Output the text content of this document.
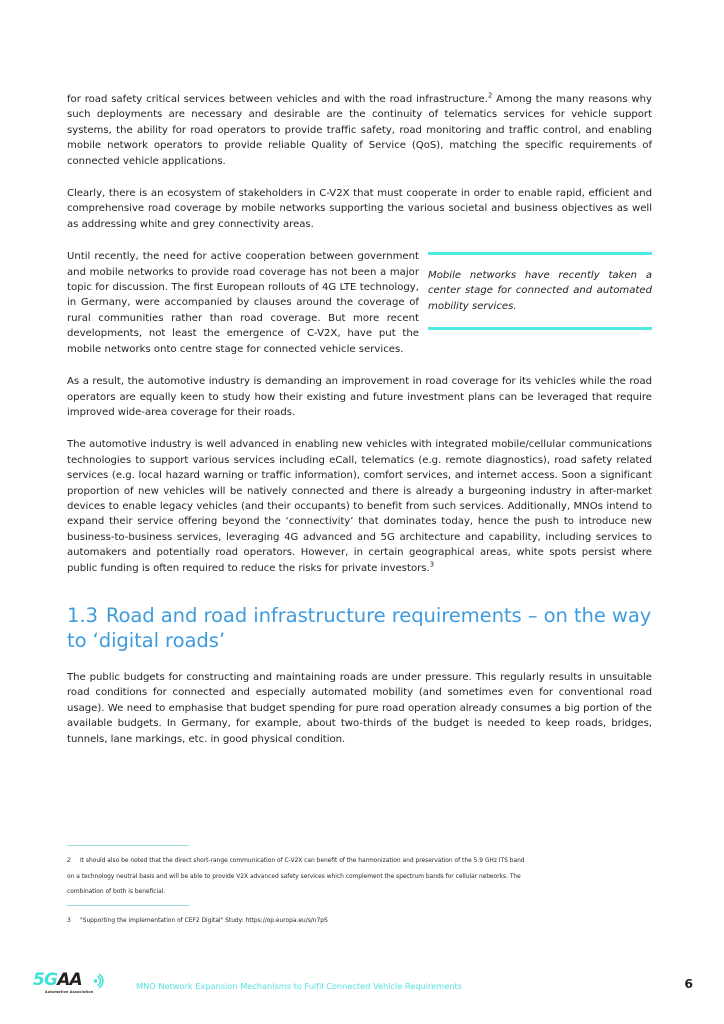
for road safety critical services between vehicles and with the road infrastructure.$^2$ Among the many reasons why such deployments are necessary and desirable are the continuity of telematics services for vehicle support systems, the ability for road operators to provide traffic safety, road monitoring and traffic control, and enabling mobile network operators to provide reliable Quality of Service (QoS), matching the specific requirements of connected vehicle applications.

Clearly, there is an ecosystem of stakeholders in C-V2X that must cooperate in order to enable rapid, efficient and comprehensive road coverage by mobile networks supporting the various societal and business objectives as well as addressing white and grey connectivity areas.

Until recently, the need for active cooperation between government and mobile networks to provide road coverage has not been a major topic for discussion. The first European rollouts of 4G LTE technology, in Germany, were accompanied by clauses around the coverage of rural communities rather than road coverage. But more recent developments, not least the emergence of C-V2X, have put the mobile networks onto centre stage for connected vehicle services.

Mobile networks have recently taken a center stage for connected and automated mobility services.

As a result, the automotive industry is demanding an improvement in road coverage for its vehicles while the road operators are equally keen to study how their existing and future investment plans can be leveraged that require improved wide-area coverage for their roads.

The automotive industry is well advanced in enabling new vehicles with integrated mobile/cellular communications technologies to support various services including eCall, telematics (e.g. remote diagnostics), road safety related services (e.g. local hazard warning or traffic information), comfort services, and internet access. Soon a significant proportion of new vehicles will be natively connected and there is already a burgeoning industry in after-market devices to enable legacy vehicles (and their occupants) to benefit from such services. Additionally, MNOs intend to expand their service offering beyond the ‘connectivity’ that dominates today, hence the push to introduce new business-to-business services, leveraging 4G advanced and 5G architecture and capability, including services to automakers and potentially road operators. However, in certain geographical areas, white spots persist where public funding is often required to reduce the risks for private investors.$^3$

1.3 Road and road infrastructure requirements – on the way to ‘digital roads’

The public budgets for constructing and maintaining roads are under pressure. This regularly results in unsuitable road conditions for connected and especially automated mobility (and sometimes even for conventional road usage). We need to emphasise that budget spending for pure road operation already consumes a big portion of the available budgets. In Germany, for example, about two-thirds of the budget is needed to keep roads, bridges, tunnels, lane markings, etc. in good physical condition.

2 It should also be noted that the direct short-range communication of C-V2X can benefit of the harmonization and preservation of the 5.9 GHz ITS band

on a technology neutral basis and will be able to provide V2X advanced safety services which complement the spectrum bands for cellular networks. The

combination of both is beneficial.

3 "Supporting the implementation of CEF2 Digital" Study: https://op.europa.eu/s/n7pS

5GAA
Automotive Association
MNO Network Expansion Mechanisms to Fulfil Connected Vehicle Requirements	6
